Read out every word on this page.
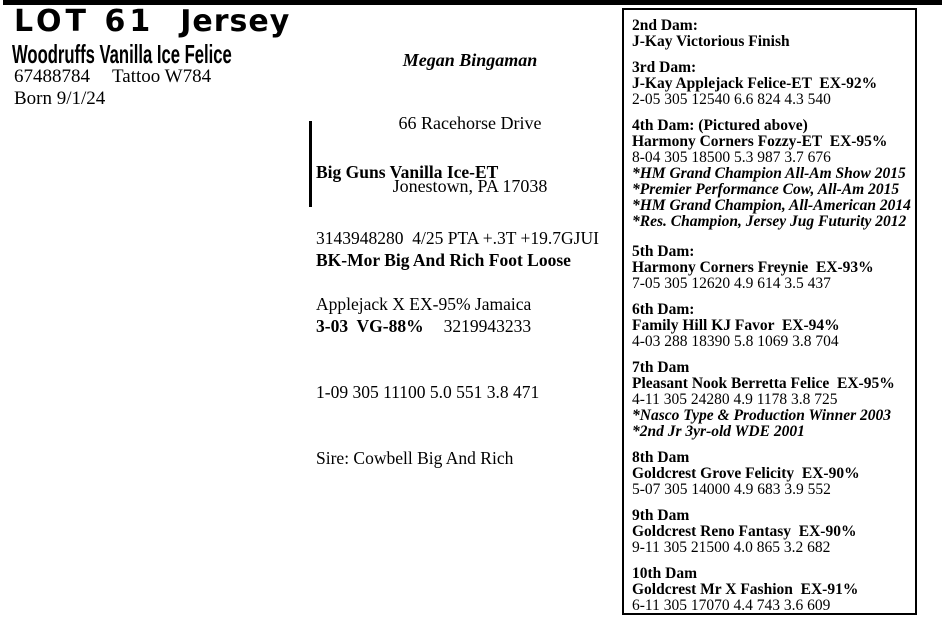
LOT 61 Jersey
Woodruffs Vanilla Ice Felice
67488784 Tattoo W784
Born 9/1/24

Megan Bingaman

66 Racehorse Drive

Jonestown, PA 17038

Big Guns Vanilla Ice-ET

3143948280  4/25 PTA +.3T +19.7GJUI

Applejack X EX-95% Jamaica

BK-Mor Big And Rich Foot Loose

3-03  VG-88% 3219943233

1-09 305 11100 5.0 551 3.8 471

Sire: Cowbell Big And Rich

2nd Dam:
J-Kay Victorious Finish
3rd Dam:
J-Kay Applejack Felice-ET  EX-92%
2-05 305 12540 6.6 824 4.3 540
4th Dam: (Pictured above)
Harmony Corners Fozzy-ET  EX-95%
8-04 305 18500 5.3 987 3.7 676
*HM Grand Champion All-Am Show 2015
*Premier Performance Cow, All-Am 2015
*HM Grand Champion, All-American 2014
*Res. Champion, Jersey Jug Futurity 2012
5th Dam:
Harmony Corners Freynie  EX-93%
7-05 305 12620 4.9 614 3.5 437
6th Dam:
Family Hill KJ Favor  EX-94%
4-03 288 18390 5.8 1069 3.8 704
7th Dam
Pleasant Nook Berretta Felice  EX-95%
4-11 305 24280 4.9 1178 3.8 725
*Nasco Type & Production Winner 2003
*2nd Jr 3yr-old WDE 2001
8th Dam
Goldcrest Grove Felicity  EX-90%
5-07 305 14000 4.9 683 3.9 552
9th Dam
Goldcrest Reno Fantasy  EX-90%
9-11 305 21500 4.0 865 3.2 682
10th Dam
Goldcrest Mr X Fashion  EX-91%
6-11 305 17070 4.4 743 3.6 609
